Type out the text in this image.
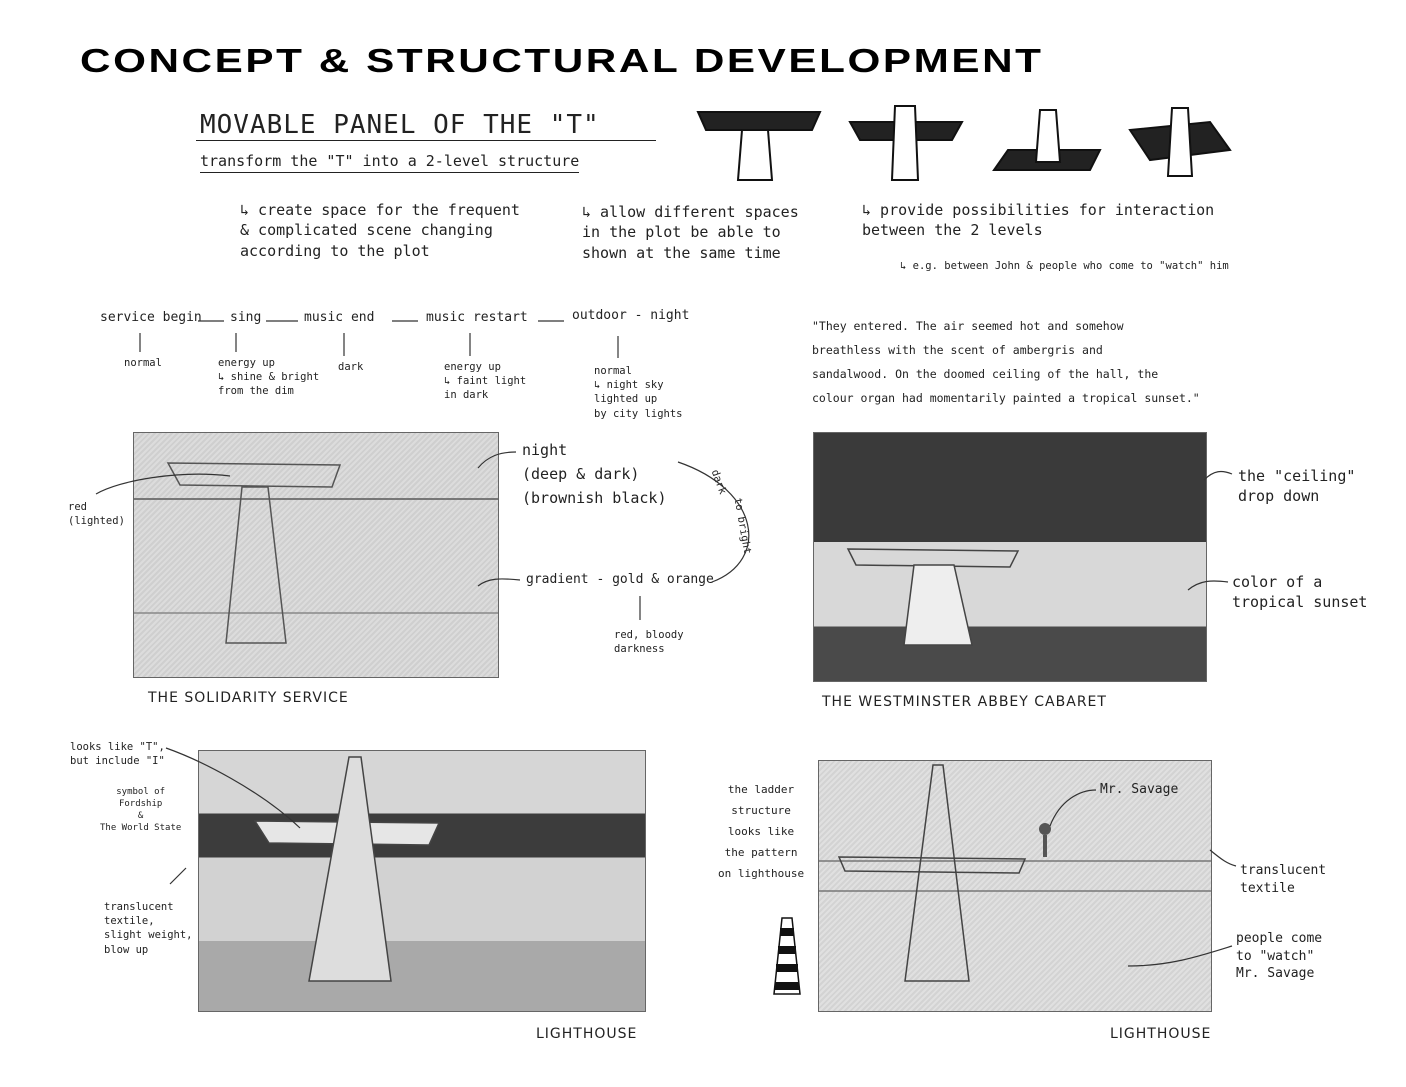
CONCEPT & STRUCTURAL DEVELOPMENT
MOVABLE PANEL OF THE "T"
transform the "T" into a 2-level structure
↳ create space for the frequent
& complicated scene changing
according to the plot
↳ allow different spaces
in the plot be able to
shown at the same time
↳ provide possibilities for interaction
between the 2 levels
↳ e.g. between John & people who come to "watch" him
service begin sing	music end	music restart	outdoor - night
normal	energy up
↳ shine & bright
from the dim
dark	energy up
↳ faint light
in dark
normal
↳ night sky
lighted up
by city lights
"They entered. The air seemed hot and somehow
breathless with the scent of ambergris and
sandalwood. On the doomed ceiling of the hall, the
colour organ had momentarily painted a tropical sunset."
THE SOLIDARITY SERVICE
red
(lighted)
night
(deep & dark)
(brownish black)
gradient - gold & orange
red, bloody
darkness
dark
to bright
THE WESTMINSTER ABBEY CABARET
the "ceiling"
drop down
color of a
tropical sunset
LIGHTHOUSE
looks like "T",
but include "I"
symbol of
Fordship
&
The World State
translucent
textile,
slight weight,
blow up
LIGHTHOUSE
the ladder
structure
looks like
the pattern
on lighthouse
Mr. Savage
translucent
textile
people come
to "watch"
Mr. Savage
